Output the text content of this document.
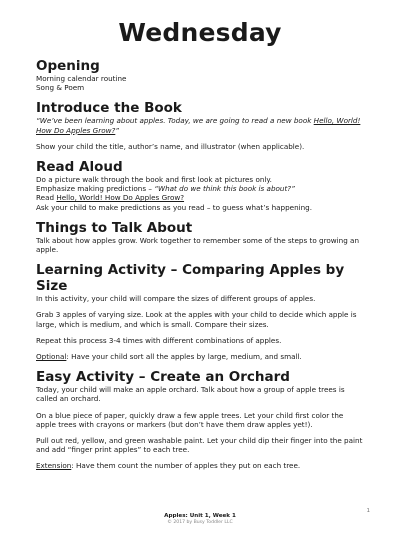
Wednesday
Opening

Morning calendar routine

Song & Poem

Introduce the Book

“We’ve been learning about apples. Today, we are going to read a new book Hello, World! How Do Apples Grow?”

Show your child the title, author’s name, and illustrator (when applicable).

Read Aloud

Do a picture walk through the book and first look at pictures only.

Emphasize making predictions – “What do we think this book is about?”

Read Hello, World! How Do Apples Grow?

Ask your child to make predictions as you read – to guess what’s happening.

Things to Talk About

Talk about how apples grow. Work together to remember some of the steps to growing an apple.

Learning Activity – Comparing Apples by Size

In this activity, your child will compare the sizes of different groups of apples.

Grab 3 apples of varying size. Look at the apples with your child to decide which apple is large, which is medium, and which is small. Compare their sizes.

Repeat this process 3-4 times with different combinations of apples.

Optional: Have your child sort all the apples by large, medium, and small.

Easy Activity – Create an Orchard

Today, your child will make an apple orchard. Talk about how a group of apple trees is called an orchard.

On a blue piece of paper, quickly draw a few apple trees. Let your child first color the apple trees with crayons or markers (but don’t have them draw apples yet!).

Pull out red, yellow, and green washable paint. Let your child dip their finger into the paint and add “finger print apples” to each tree.

Extension: Have them count the number of apples they put on each tree.

Apples: Unit 1, Week 1
© 2017 by Busy Toddler LLC
1
